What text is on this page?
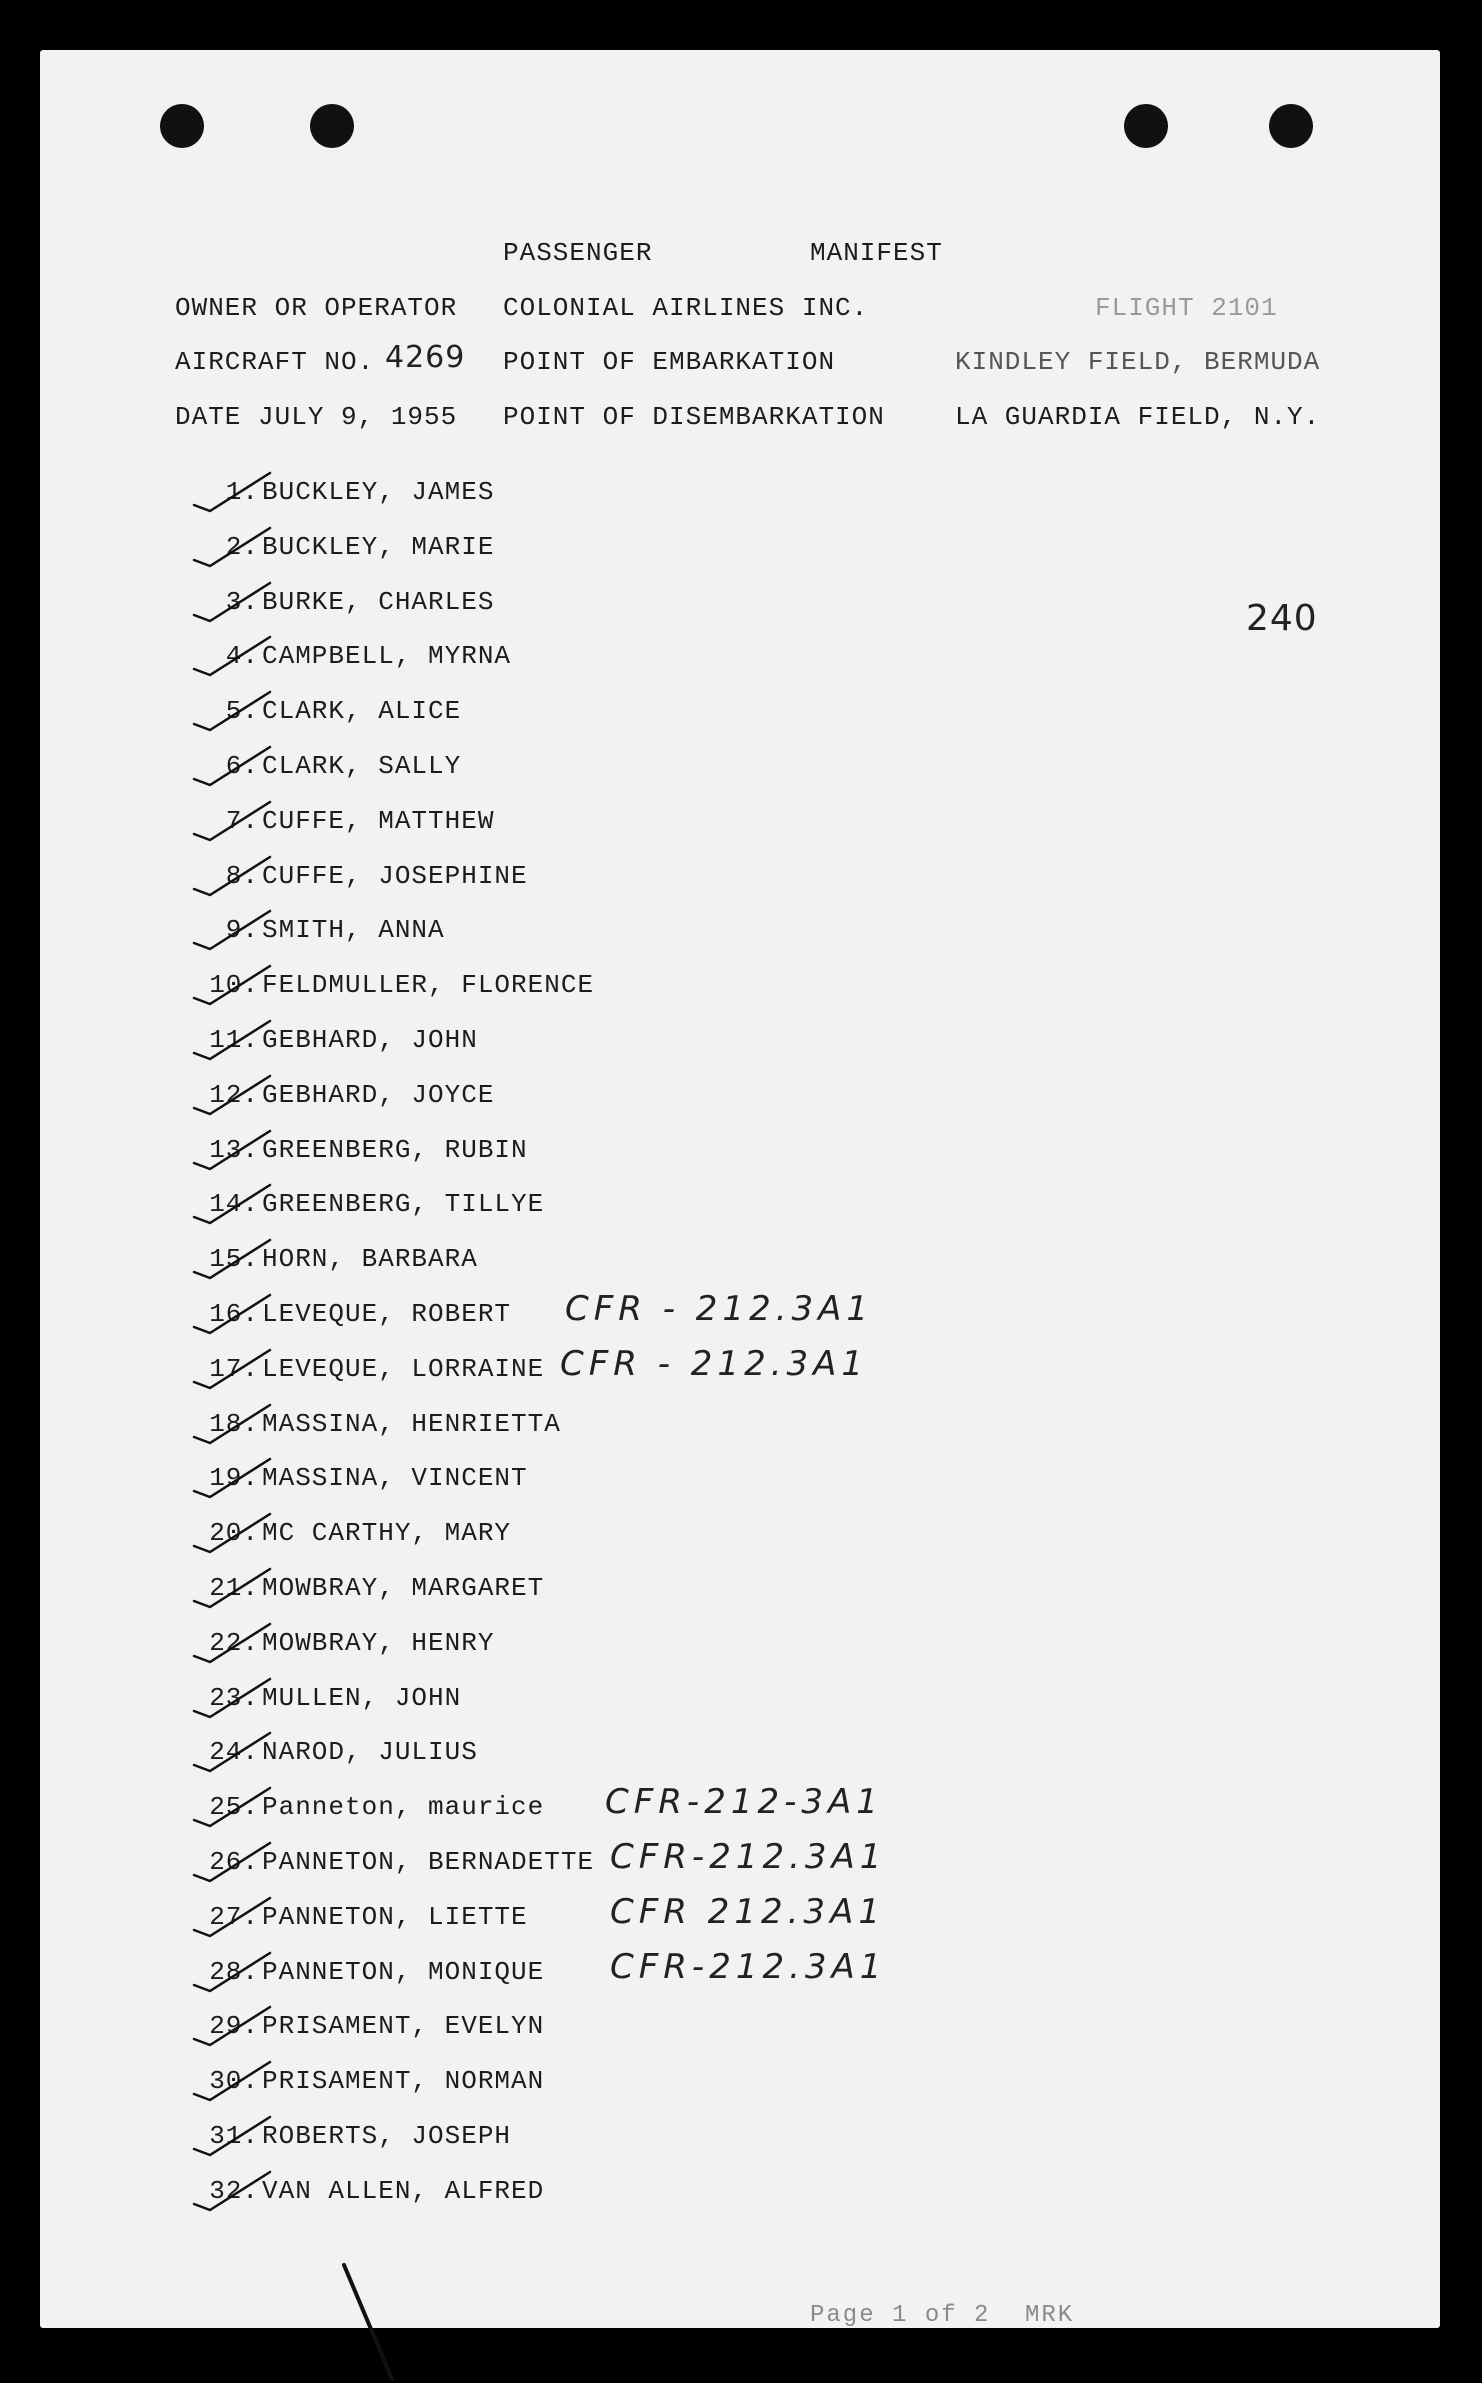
PASSENGER	MANIFEST
OWNER OR OPERATOR COLONIAL AIRLINES INC.	FLIGHT 2101
AIRCRAFT NO. 4269 POINT OF EMBARKATION	KINDLEY FIELD, BERMUDA
DATE JULY 9, 1955 POINT OF DISEMBARKATION	LA GUARDIA FIELD, N.Y.
240
1. BUCKLEY, JAMES
2. BUCKLEY, MARIE
3. BURKE, CHARLES
4. CAMPBELL, MYRNA
5. CLARK, ALICE
6. CLARK, SALLY
7. CUFFE, MATTHEW
8. CUFFE, JOSEPHINE
9. SMITH, ANNA
10. FELDMULLER, FLORENCE
11. GEBHARD, JOHN
12. GEBHARD, JOYCE
13. GREENBERG, RUBIN
14. GREENBERG, TILLYE
15. HORN, BARBARA
16. LEVEQUE, ROBERT CFR - 212.3A1
17. LEVEQUE, LORRAINE CFR - 212.3A1
18. MASSINA, HENRIETTA
19. MASSINA, VINCENT
20. MC CARTHY, MARY
21. MOWBRAY, MARGARET
22. MOWBRAY, HENRY
23. MULLEN, JOHN
24. NAROD, JULIUS
25. Panneton, maurice CFR-212-3A1
26. PANNETON, BERNADETTE CFR-212.3A1
27. PANNETON, LIETTE CFR 212.3A1
28. PANNETON, MONIQUE CFR-212.3A1
29. PRISAMENT, EVELYN
30. PRISAMENT, NORMAN
31. ROBERTS, JOSEPH
32. VAN ALLEN, ALFRED
Page 1 of 2 MRK
